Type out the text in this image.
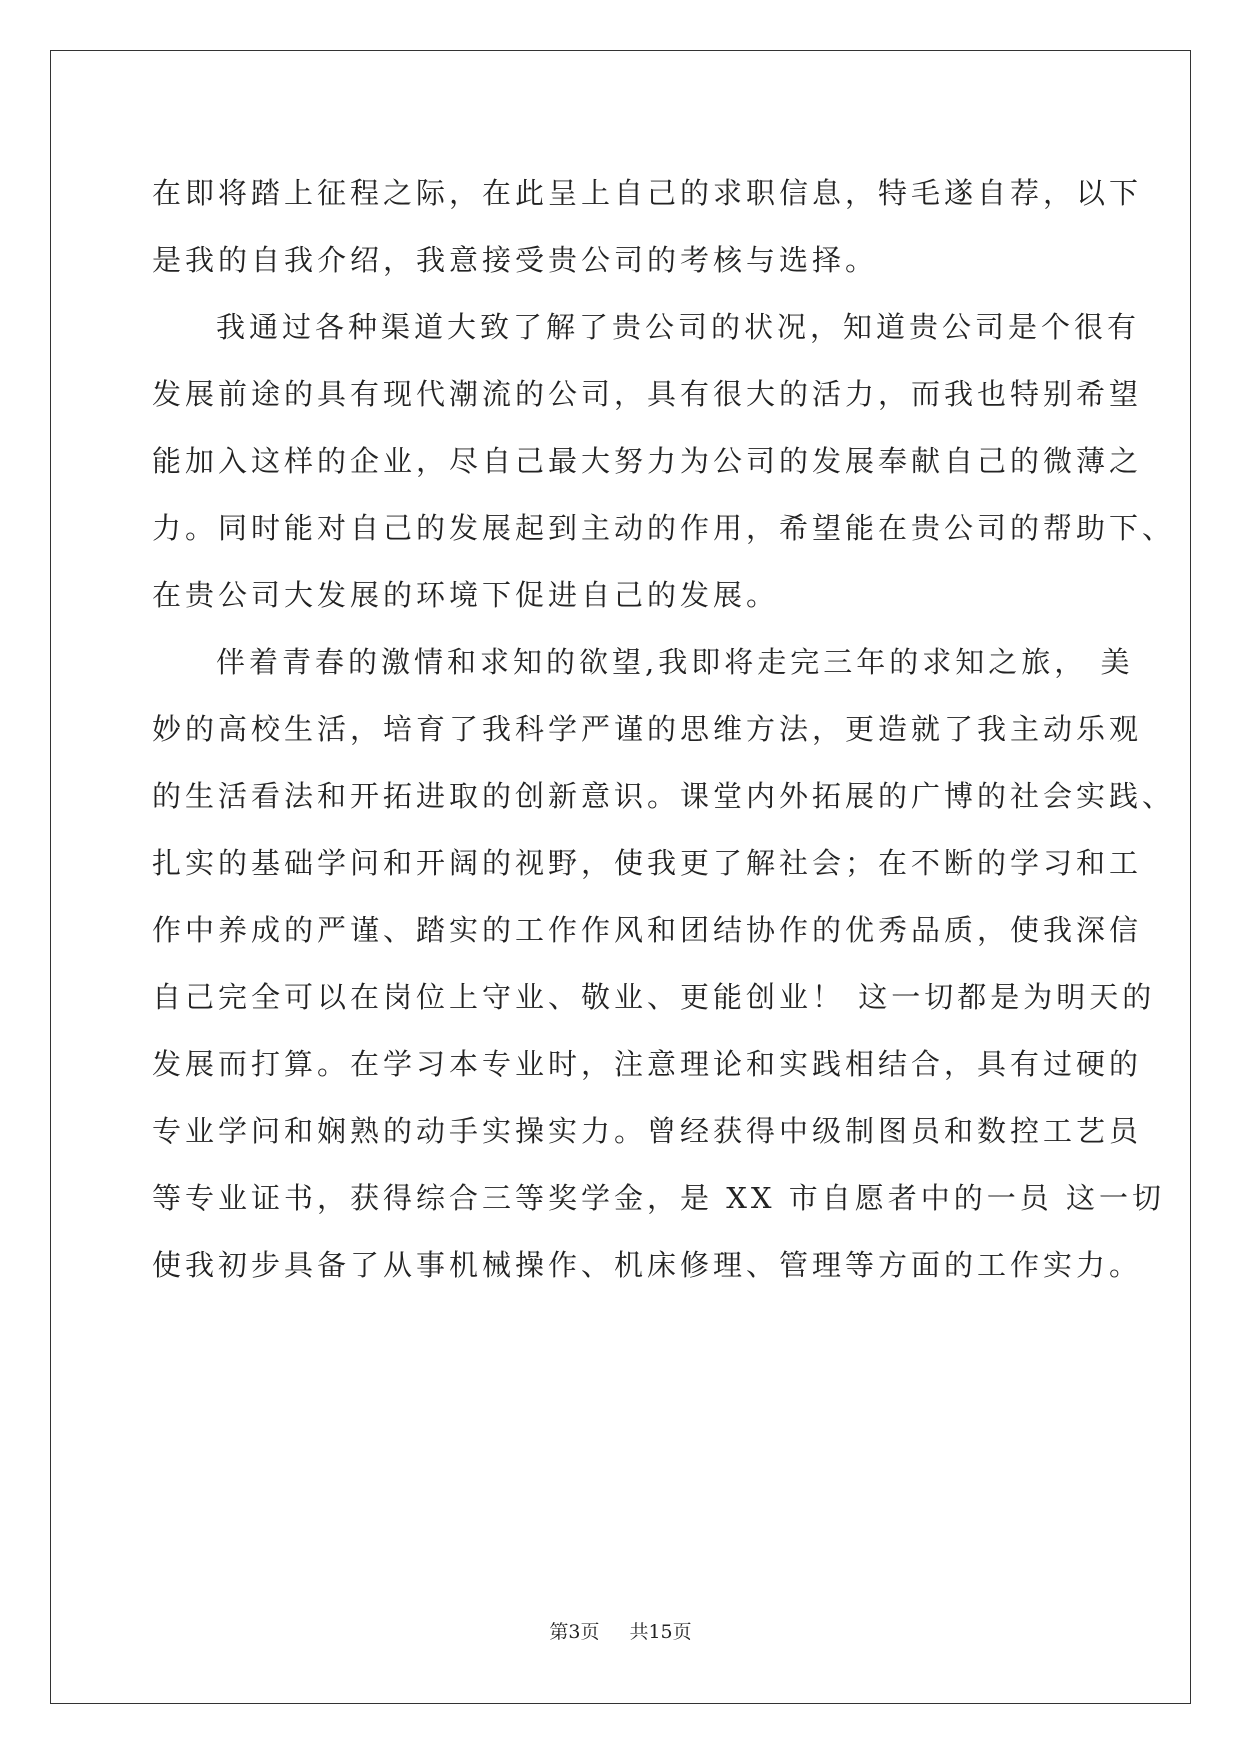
在即将踏上征程之际，在此呈上自己的求职信息，特毛遂自荐，以下
是我的自我介绍，我意接受贵公司的考核与选择。
我通过各种渠道大致了解了贵公司的状况，知道贵公司是个很有
发展前途的具有现代潮流的公司，具有很大的活力，而我也特别希望
能加入这样的企业，尽自己最大努力为公司的发展奉献自己的微薄之
力。同时能对自己的发展起到主动的作用，希望能在贵公司的帮助下、
在贵公司大发展的环境下促进自己的发展。
伴着青春的激情和求知的欲望,我即将走完三年的求知之旅， 美
妙的高校生活，培育了我科学严谨的思维方法，更造就了我主动乐观
的生活看法和开拓进取的创新意识。课堂内外拓展的广博的社会实践、
扎实的基础学问和开阔的视野，使我更了解社会；在不断的学习和工
作中养成的严谨、踏实的工作作风和团结协作的优秀品质，使我深信
自己完全可以在岗位上守业、敬业、更能创业！ 这一切都是为明天的
发展而打算。在学习本专业时，注意理论和实践相结合，具有过硬的
专业学问和娴熟的动手实操实力。曾经获得中级制图员和数控工艺员
等专业证书，获得综合三等奖学金，是 XX 市自愿者中的一员 这一切
使我初步具备了从事机械操作、机床修理、管理等方面的工作实力。
第3页 共15页
